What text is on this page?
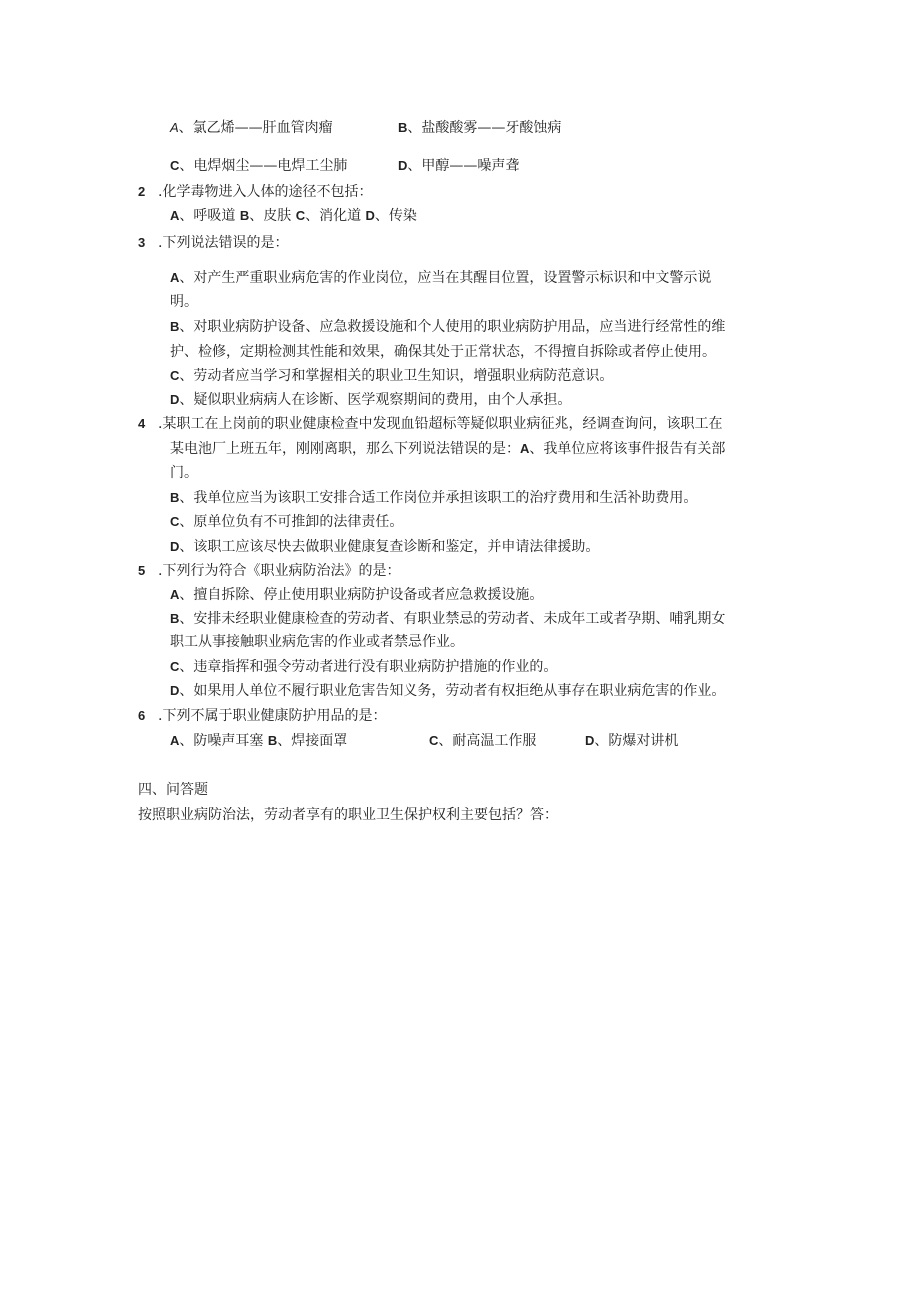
A、氯乙烯——肝血管肉瘤	B、盐酸酸雾——牙酸蚀病
C、电焊烟尘——电焊工尘肺	D、甲醇——噪声聋
2 .化学毒物进入人体的途径不包括：
A、呼吸道 B、皮肤 C、消化道 D、传染
3 .下列说法错误的是：
A、对产生严重职业病危害的作业岗位，应当在其醒目位置，设置警示标识和中文警示说
明。
B、对职业病防护设备、应急救援设施和个人使用的职业病防护用品，应当进行经常性的维
护、检修，定期检测其性能和效果，确保其处于正常状态，不得擅自拆除或者停止使用。
C、劳动者应当学习和掌握相关的职业卫生知识，增强职业病防范意识。
D、疑似职业病病人在诊断、医学观察期间的费用，由个人承担。
4 .某职工在上岗前的职业健康检查中发现血铅超标等疑似职业病征兆，经调查询问，该职工在
某电池厂上班五年，刚刚离职，那么下列说法错误的是：A、我单位应将该事件报告有关部
门。
B、我单位应当为该职工安排合适工作岗位并承担该职工的治疗费用和生活补助费用。
C、原单位负有不可推卸的法律责任。
D、该职工应该尽快去做职业健康复查诊断和鉴定，并申请法律援助。
5 .下列行为符合《职业病防治法》的是：
A、擅自拆除、停止使用职业病防护设备或者应急救援设施。
B、安排未经职业健康检查的劳动者、有职业禁忌的劳动者、未成年工或者孕期、哺乳期女
职工从事接触职业病危害的作业或者禁忌作业。
C、违章指挥和强令劳动者进行没有职业病防护措施的作业的。
D、如果用人单位不履行职业危害告知义务，劳动者有权拒绝从事存在职业病危害的作业。
6 .下列不属于职业健康防护用品的是：
A、防噪声耳塞 B、焊接面罩	C、耐高温工作服	D、防爆对讲机
四、问答题
按照职业病防治法，劳动者享有的职业卫生保护权利主要包括？答：
